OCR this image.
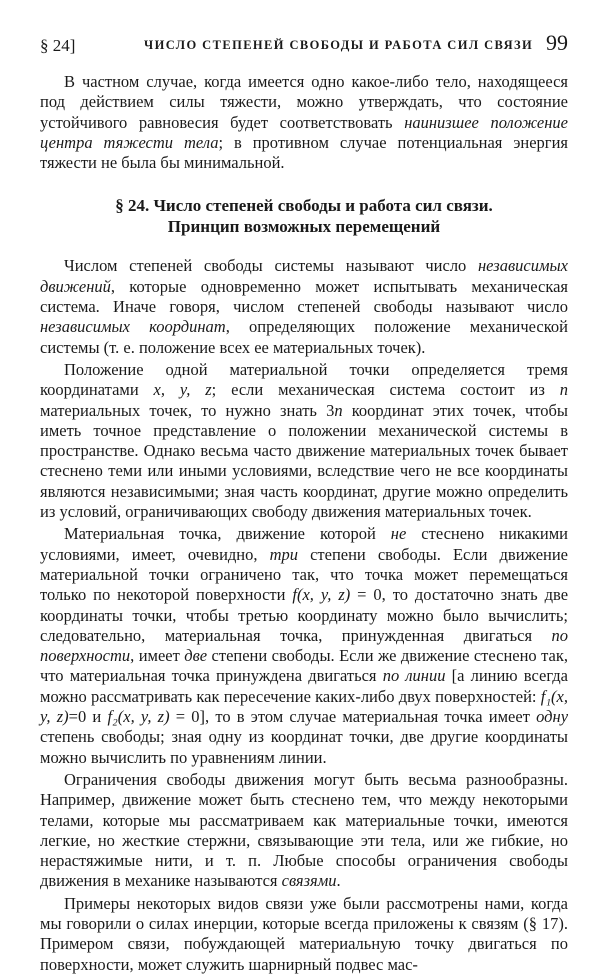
§ 24]	ЧИСЛО СТЕПЕНЕЙ СВОБОДЫ И РАБОТА СИЛ СВЯЗИ 99

В частном случае, когда имеется одно какое-либо тело, находящееся под действием силы тяжести, можно утверждать, что состояние устойчивого равновесия будет соответствовать наинизшее положение центра тяжести тела; в противном случае потенциальная энергия тяжести не была бы минимальной.

§ 24. Число степеней свободы и работа сил связи.
Принцип возможных перемещений

Числом степеней свободы системы называют число независимых движений, которые одновременно может испытывать механическая система. Иначе говоря, числом степеней свободы называют число независимых координат, определяющих положение механической системы (т. е. положение всех ее материальных точек).

Положение одной материальной точки определяется тремя координатами x, y, z; если механическая система состоит из n материальных точек, то нужно знать 3n координат этих точек, чтобы иметь точное представление о положении механической системы в пространстве. Однако весьма часто движение материальных точек бывает стеснено теми или иными условиями, вследствие чего не все координаты являются независимыми; зная часть координат, другие можно определить из условий, ограничивающих свободу движения материальных точек.

Материальная точка, движение которой не стеснено никакими условиями, имеет, очевидно, три степени свободы. Если движение материальной точки ограничено так, что точка может перемещаться только по некоторой поверхности f(x, y, z) = 0, то достаточно знать две координаты точки, чтобы третью координату можно было вычислить; следовательно, материальная точка, принужденная двигаться по поверхности, имеет две степени свободы. Если же движение стеснено так, что материальная точка принуждена двигаться по линии [а линию всегда можно рассматривать как пересечение каких-либо двух поверхностей: f₁(x, y, z)=0 и f₂(x, y, z) = 0], то в этом случае материальная точка имеет одну степень свободы; зная одну из координат точки, две другие координаты можно вычислить по уравнениям линии.

Ограничения свободы движения могут быть весьма разнообразны. Например, движение может быть стеснено тем, что между некоторыми телами, которые мы рассматриваем как материальные точки, имеются легкие, но жесткие стержни, связывающие эти тела, или же гибкие, но нерастяжимые нити, и т. п. Любые способы ограничения свободы движения в механике называются связями.

Примеры некоторых видов связи уже были рассмотрены нами, когда мы говорили о силах инерции, которые всегда приложены к связям (§ 17). Примером связи, побуждающей материальную точку двигаться по поверхности, может служить шарнирный подвес мас-
